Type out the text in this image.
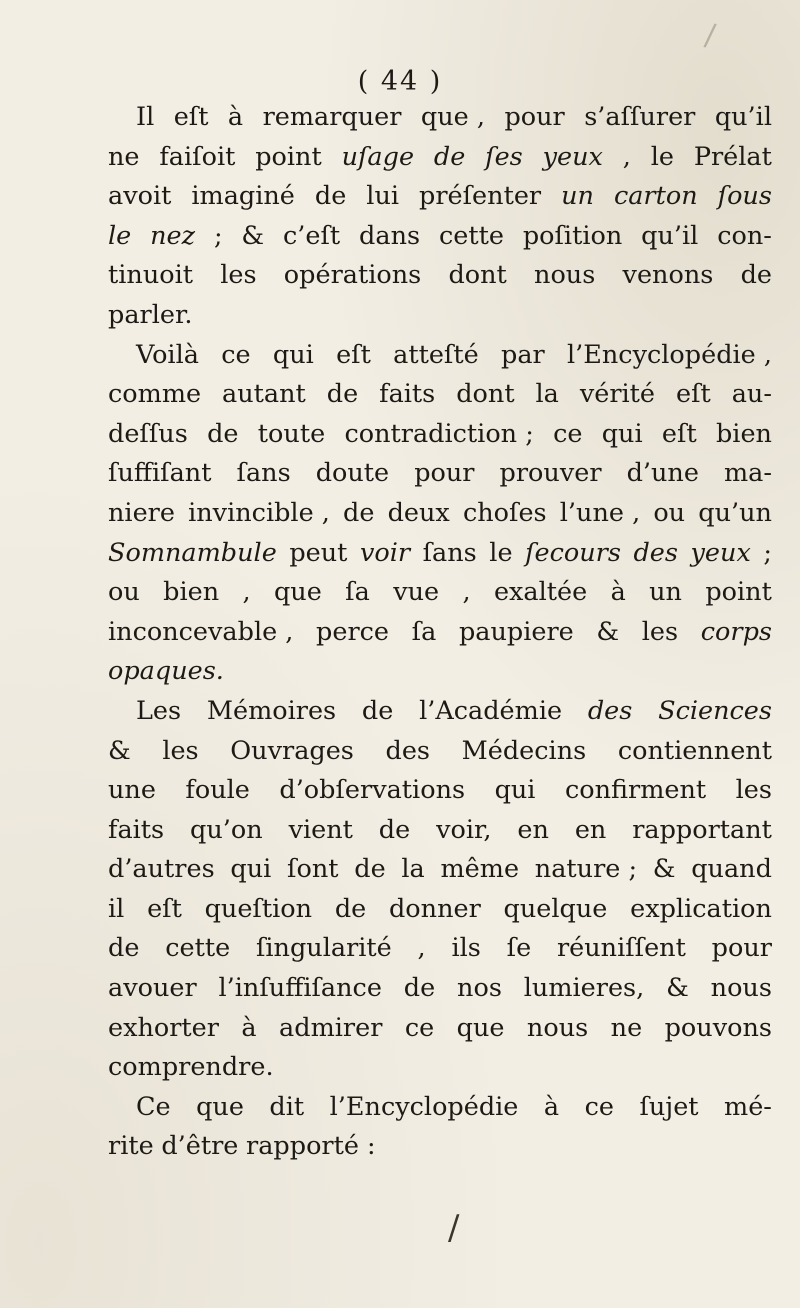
/
( 44 )
Il eſt à remarquer que , pour s’aſſurer qu’il
ne faiſoit point uſage de ſes yeux , le Prélat
avoit imaginé de lui préſenter un carton ſous
le nez ; & c’eſt dans cette poſition qu’il con-
tinuoit les opérations dont nous venons de
parler.
Voilà ce qui eſt atteſté par l’Encyclopédie ,
comme autant de faits dont la vérité eſt au-
deſſus de toute contradiction ; ce qui eſt bien
ſuffiſant ſans doute pour prouver d’une ma-
niere invincible , de deux choſes l’une , ou qu’un
Somnambule peut voir ſans le ſecours des yeux ;
ou bien , que ſa vue , exaltée à un point
inconcevable , perce ſa paupiere & les corps
opaques.
Les Mémoires de l’Académie des Sciences
& les Ouvrages des Médecins contiennent
une foule d’obſervations qui confirment les
faits qu’on vient de voir, en en rapportant
d’autres qui ſont de la même nature ; & quand
il eſt queſtion de donner quelque explication
de cette ſingularité , ils ſe réuniſſent pour
avouer l’inſuffiſance de nos lumieres, & nous
exhorter à admirer ce que nous ne pouvons
comprendre.
Ce que dit l’Encyclopédie à ce ſujet mé-
rite d’être rapporté :
/
